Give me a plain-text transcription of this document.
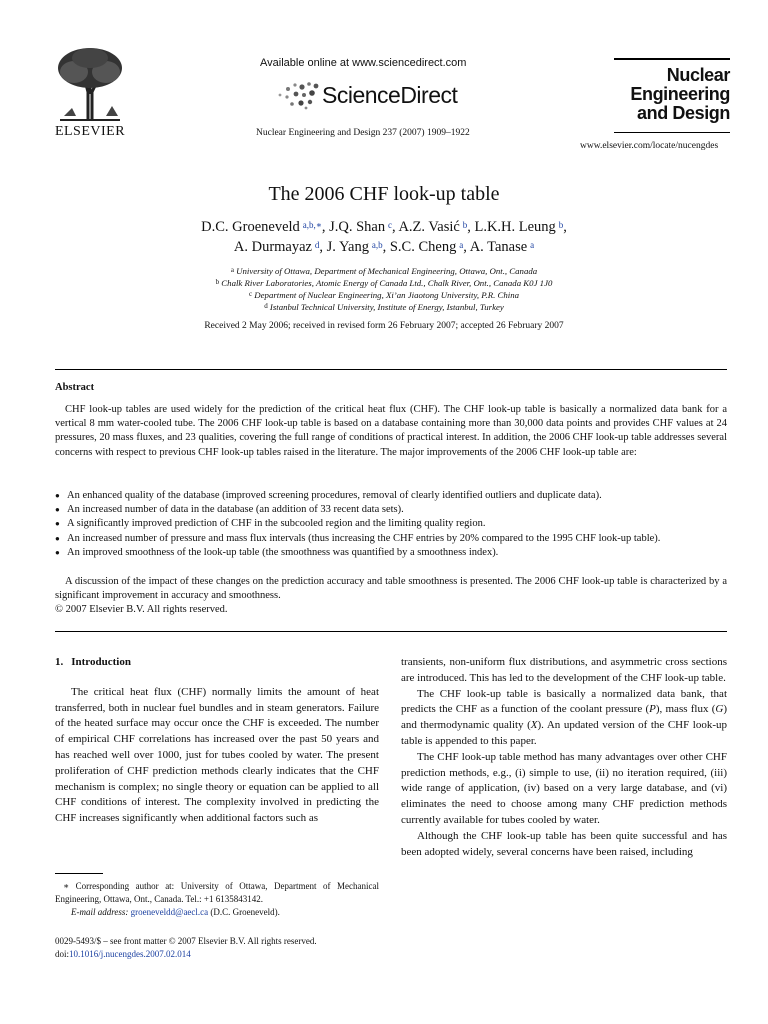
ELSEVIER
Available online at www.sciencedirect.com
ScienceDirect
Nuclear Engineering and Design 237 (2007) 1909–1922
Nuclear
Engineering
and Design
www.elsevier.com/locate/nucengdes
The 2006 CHF look-up table
D.C. Groeneveld  $^{a,b,∗}$, J.Q. Shan  $^c$, A.Z. Vasić  $^b$, L.K.H. Leung  $^b$,
A. Durmayaz  $^d$, J. Yang  $^{a,b}$, S.C. Cheng  $^a$, A. Tanase  $^a$
$^a$ University of Ottawa, Department of Mechanical Engineering, Ottawa, Ont., Canada
$^b$ Chalk River Laboratories, Atomic Energy of Canada Ltd., Chalk River, Ont., Canada K0J 1J0
$^c$ Department of Nuclear Engineering, Xi’an Jiaotong University, P.R. China
$^d$ Istanbul Technical University, Institute of Energy, Istanbul, Turkey
Received 2 May 2006; received in revised form 26 February 2007; accepted 26 February 2007
Abstract

CHF look-up tables are used widely for the prediction of the critical heat flux (CHF). The CHF look-up table is basically a normalized data bank for a vertical 8 mm water-cooled tube. The 2006 CHF look-up table is based on a database containing more than 30,000 data points and provides CHF values at 24 pressures, 20 mass fluxes, and 23 qualities, covering the full range of conditions of practical interest. In addition, the 2006 CHF look-up table addresses several concerns with respect to previous CHF look-up tables raised in the literature. The major improvements of the 2006 CHF look-up table are:

● An enhanced quality of the database (improved screening procedures, removal of clearly identified outliers and duplicate data).
● An increased number of data in the database (an addition of 33 recent data sets).
● A significantly improved prediction of CHF in the subcooled region and the limiting quality region.
● An increased number of pressure and mass flux intervals (thus increasing the CHF entries by 20% compared to the 1995 CHF look-up table).
● An improved smoothness of the look-up table (the smoothness was quantified by a smoothness index).

A discussion of the impact of these changes on the prediction accuracy and table smoothness is presented. The 2006 CHF look-up table is characterized by a significant improvement in accuracy and smoothness.

© 2007 Elsevier B.V. All rights reserved.

1. Introduction

The critical heat flux (CHF) normally limits the amount of heat transferred, both in nuclear fuel bundles and in steam generators. Failure of the heated surface may occur once the CHF is exceeded. The number of empirical CHF correlations has increased over the past 50 years and has reached well over 1000, just for tubes cooled by water. The present proliferation of CHF prediction methods clearly indicates that the CHF mechanism is complex; no single theory or equation can be applied to all CHF conditions of interest. The complexity involved in predicting the CHF increases significantly when additional factors such as

∗ Corresponding author at: University of Ottawa, Department of Mechanical Engineering, Ottawa, Ont., Canada. Tel.: +1 6135843142.

E-mail address: groeneveldd@aecl.ca (D.C. Groeneveld).

0029-5493/$ – see front matter © 2007 Elsevier B.V. All rights reserved.
doi:10.1016/j.nucengdes.2007.02.014

transients, non-uniform flux distributions, and asymmetric cross sections are introduced. This has led to the development of the CHF look-up table.

The CHF look-up table is basically a normalized data bank, that predicts the CHF as a function of the coolant pressure (P), mass flux (G) and thermodynamic quality (X). An updated version of the CHF look-up table is appended to this paper.

The CHF look-up table method has many advantages over other CHF prediction methods, e.g., (i) simple to use, (ii) no iteration required, (iii) wide range of application, (iv) based on a very large database, and (vi) eliminates the need to choose among many CHF prediction methods currently available for tubes cooled by water.

Although the CHF look-up table has been quite successful and has been adopted widely, several concerns have been raised, including
